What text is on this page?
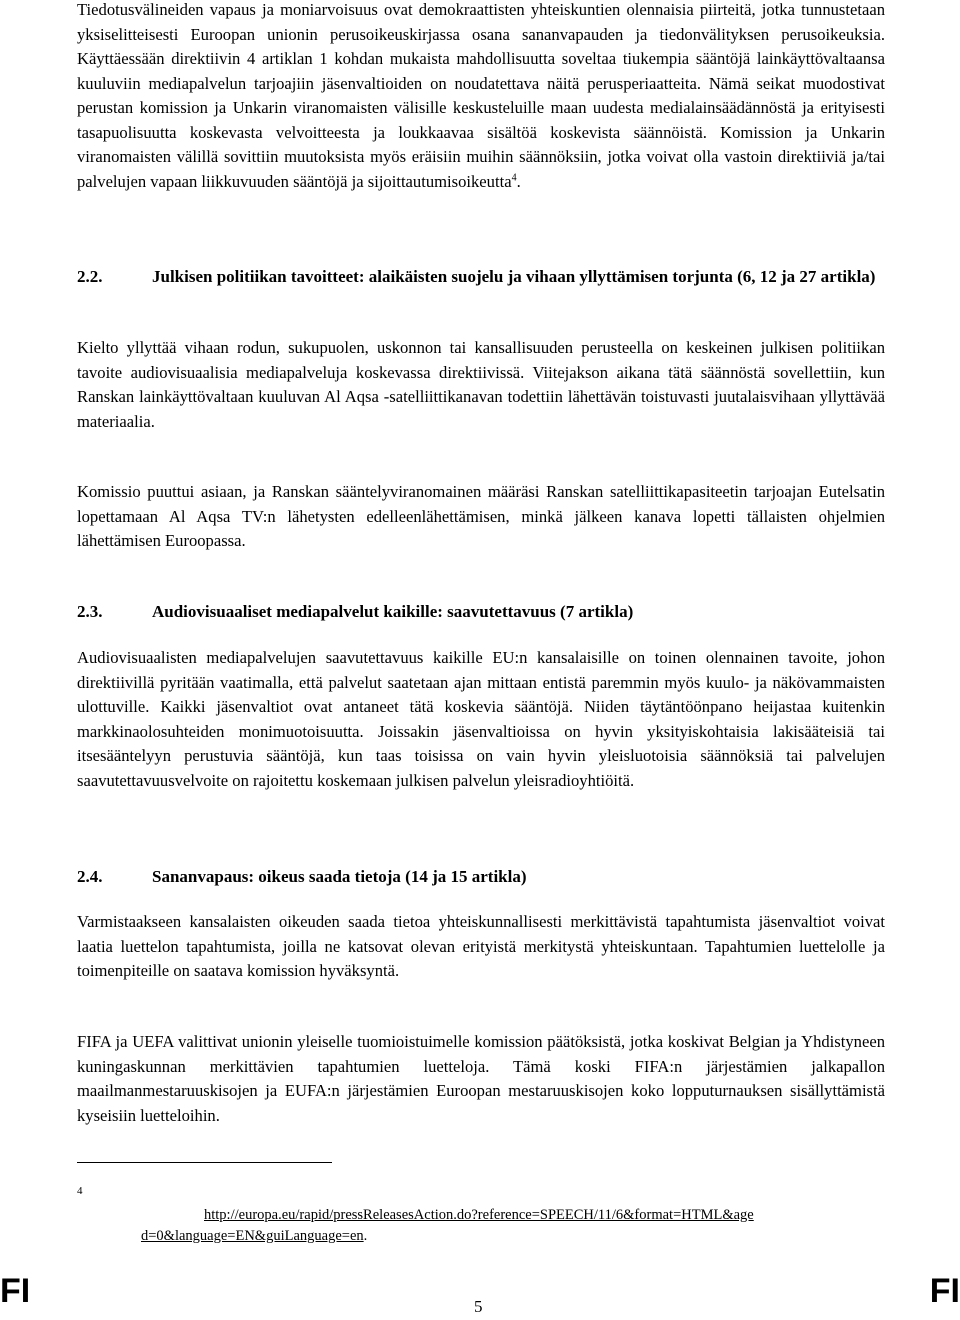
Tiedotusvälineiden vapaus ja moniarvoisuus ovat demokraattisten yhteiskuntien olennaisia piirteitä, jotka tunnustetaan yksiselitteisesti Euroopan unionin perusoikeuskirjassa osana sananvapauden ja tiedonvälityksen perusoikeuksia. Käyttäessään direktiivin 4 artiklan 1 kohdan mukaista mahdollisuutta soveltaa tiukempia sääntöjä lainkäyttövaltaansa kuuluviin mediapalvelun tarjoajiin jäsenvaltioiden on noudatettava näitä perusperiaatteita. Nämä seikat muodostivat perustan komission ja Unkarin viranomaisten välisille keskusteluille maan uudesta medialainsäädännöstä ja erityisesti tasapuolisuutta koskevasta velvoitteesta ja loukkaavaa sisältöä koskevista säännöistä. Komission ja Unkarin viranomaisten välillä sovittiin muutoksista myös eräisiin muihin säännöksiin, jotka voivat olla vastoin direktiiviä ja/tai palvelujen vapaan liikkuvuuden sääntöjä ja sijoittautumisoikeutta$^4$.

2.2.	Julkisen politiikan tavoitteet: alaikäisten suojelu ja vihaan yllyttämisen torjunta (6, 12 ja 27 artikla)

Kielto yllyttää vihaan rodun, sukupuolen, uskonnon tai kansallisuuden perusteella on keskeinen julkisen politiikan tavoite audiovisuaalisia mediapalveluja koskevassa direktiivissä. Viitejakson aikana tätä säännöstä sovellettiin, kun Ranskan lainkäyttövaltaan kuuluvan Al Aqsa -satelliittikanavan todettiin lähettävän toistuvasti juutalaisvihaan yllyttävää materiaalia.

Komissio puuttui asiaan, ja Ranskan sääntelyviranomainen määräsi Ranskan satelliittikapasiteetin tarjoajan Eutelsatin lopettamaan Al Aqsa TV:n lähetysten edelleenlähettämisen, minkä jälkeen kanava lopetti tällaisten ohjelmien lähettämisen Euroopassa.

2.3.	Audiovisuaaliset mediapalvelut kaikille: saavutettavuus (7 artikla)

Audiovisuaalisten mediapalvelujen saavutettavuus kaikille EU:n kansalaisille on toinen olennainen tavoite, johon direktiivillä pyritään vaatimalla, että palvelut saatetaan ajan mittaan entistä paremmin myös kuulo- ja näkövammaisten ulottuville. Kaikki jäsenvaltiot ovat antaneet tätä koskevia sääntöjä. Niiden täytäntöönpano heijastaa kuitenkin markkinaolosuhteiden monimuotoisuutta. Joissakin jäsenvaltioissa on hyvin yksityiskohtaisia lakisääteisiä tai itsesääntelyyn perustuvia sääntöjä, kun taas toisissa on vain hyvin yleisluotoisia säännöksiä tai palvelujen saavutettavuusvelvoite on rajoitettu koskemaan julkisen palvelun yleisradioyhtiöitä.

2.4.	Sananvapaus: oikeus saada tietoja (14 ja 15 artikla)

Varmistaakseen kansalaisten oikeuden saada tietoa yhteiskunnallisesti merkittävistä tapahtumista jäsenvaltiot voivat laatia luettelon tapahtumista, joilla ne katsovat olevan erityistä merkitystä yhteiskuntaan. Tapahtumien luettelolle ja toimenpiteille on saatava komission hyväksyntä.

FIFA ja UEFA valittivat unionin yleiselle tuomioistuimelle komission päätöksistä, jotka koskivat Belgian ja Yhdistyneen kuningaskunnan merkittävien tapahtumien luetteloja. Tämä koski FIFA:n järjestämien jalkapallon maailmanmestaruuskisojen ja EUFA:n järjestämien Euroopan mestaruuskisojen koko lopputurnauksen sisällyttämistä kyseisiin luetteloihin.

4
http://europa.eu/rapid/pressReleasesAction.do?reference=SPEECH/11/6&format=HTML&age
d=0&language=EN&guiLanguage=en.
FI	5	FI
